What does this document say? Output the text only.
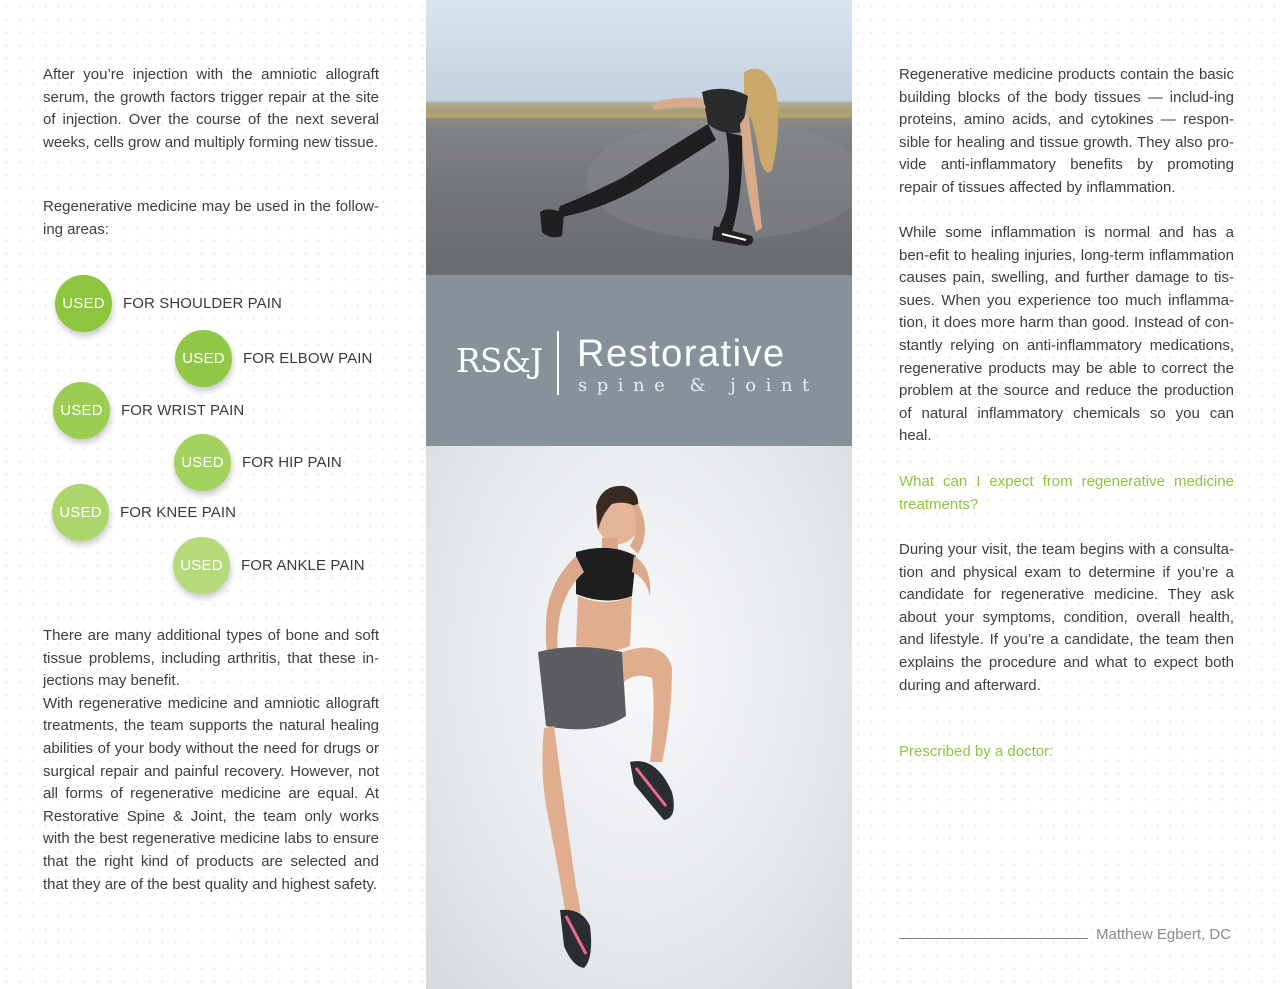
After you’re injection with the amniotic allograft serum, the growth factors trigger repair at the site of injection. Over the course of the next several weeks, cells grow and multiply forming new tissue.
Regenerative medicine may be used in the follow-ing areas:
USED	FOR SHOULDER PAIN
USED	FOR ELBOW PAIN
USED	FOR WRIST PAIN
USED	FOR HIP PAIN
USED	FOR KNEE PAIN
USED	FOR ANKLE PAIN

There are many additional types of bone and soft tissue problems, including arthritis, that these in-jections may benefit.

With regenerative medicine and amniotic allograft treatments, the team supports the natural healing abilities of your body without the need for drugs or surgical repair and painful recovery. However, not all forms of regenerative medicine are equal. At Restorative Spine & Joint, the team only works with the best regenerative medicine labs to ensure that the right kind of products are selected and that they are of the best quality and highest safety.

RS&J Restorative
spine & joint
Regenerative medicine products contain the basic building blocks of the body tissues — includ-ing proteins, amino acids, and cytokines — respon-sible for healing and tissue growth. They also pro-vide anti-inflammatory benefits by promoting repair of tissues affected by inflammation.
While some inflammation is normal and has a ben-efit to healing injuries, long-term inflammation causes pain, swelling, and further damage to tis-sues. When you experience too much inflamma-tion, it does more harm than good. Instead of con-stantly relying on anti-inflammatory medications, regenerative products may be able to correct the problem at the source and reduce the production of natural inflammatory chemicals so you can heal.
What can I expect from regenerative medicine treatments?
During your visit, the team begins with a consulta-tion and physical exam to determine if you’re a candidate for regenerative medicine. They ask about your symptoms, condition, overall health, and lifestyle. If you’re a candidate, the team then explains the procedure and what to expect both during and afterward.
Prescribed by a doctor:
Matthew Egbert, DC
